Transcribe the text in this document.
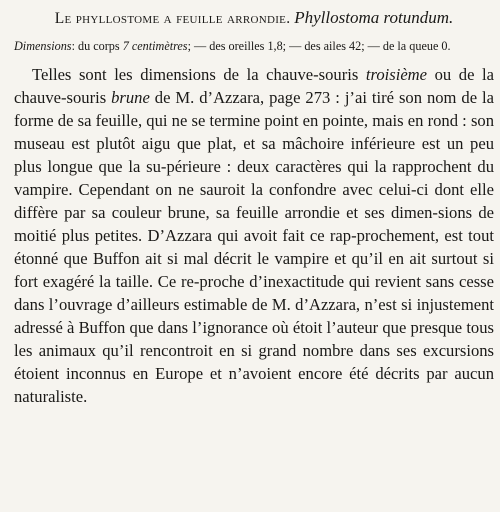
Le phyllostome a feuille arrondie. Phyllostoma rotundum.
Dimensions: du corps 7 centimètres; — des oreilles 1,8; — des ailes 42; — de la queue 0.
Telles sont les dimensions de la chauve-souris troisième ou de la chauve-souris brune de M. d’Azzara, page 273 : j’ai tiré son nom de la forme de sa feuille, qui ne se termine point en pointe, mais en rond : son museau est plutôt aigu que plat, et sa mâchoire inférieure est un peu plus longue que la su-périeure : deux caractères qui la rapprochent du vampire. Cependant on ne sauroit la confondre avec celui-ci dont elle diffère par sa couleur brune, sa feuille arrondie et ses dimen-sions de moitié plus petites. D’Azzara qui avoit fait ce rap-prochement, est tout étonné que Buffon ait si mal décrit le vampire et qu’il en ait surtout si fort exagéré la taille. Ce re-proche d’inexactitude qui revient sans cesse dans l’ouvrage d’ailleurs estimable de M. d’Azzara, n’est si injustement adressé à Buffon que dans l’ignorance où étoit l’auteur que presque tous les animaux qu’il rencontroit en si grand nombre dans ses excursions étoient inconnus en Europe et n’avoient encore été décrits par aucun naturaliste.
